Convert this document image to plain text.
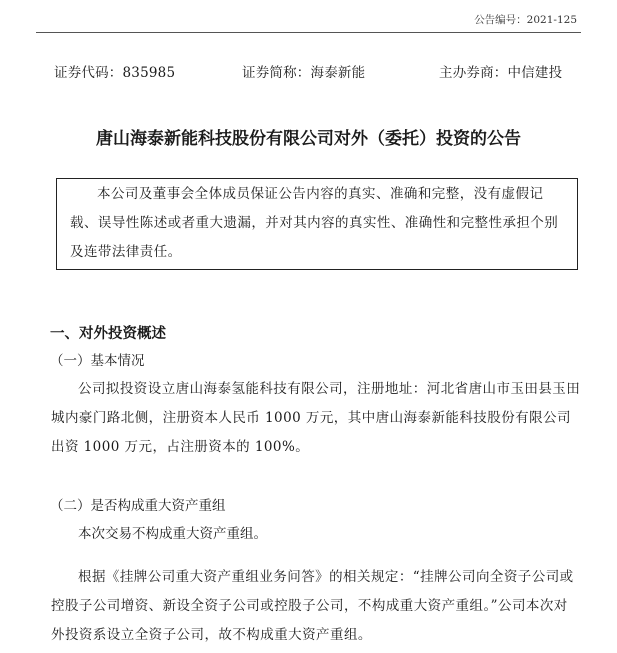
公告编号：2021-125
证券代码：835985	证券简称：海泰新能	主办券商：中信建投
唐山海泰新能科技股份有限公司对外（委托）投资的公告
本公司及董事会全体成员保证公告内容的真实、准确和完整，没有虚假记载、误导性陈述或者重大遗漏，并对其内容的真实性、准确性和完整性承担个别及连带法律责任。
一、对外投资概述
（一）基本情况
公司拟投资设立唐山海泰氢能科技有限公司，注册地址：河北省唐山市玉田县玉田城内豪门路北侧，注册资本人民币 1000 万元，其中唐山海泰新能科技股份有限公司出资 1000 万元，占注册资本的 100%。
（二）是否构成重大资产重组
本次交易不构成重大资产重组。
根据《挂牌公司重大资产重组业务问答》的相关规定：“挂牌公司向全资子公司或控股子公司增资、新设全资子公司或控股子公司，不构成重大资产重组。”公司本次对外投资系设立全资子公司，故不构成重大资产重组。
